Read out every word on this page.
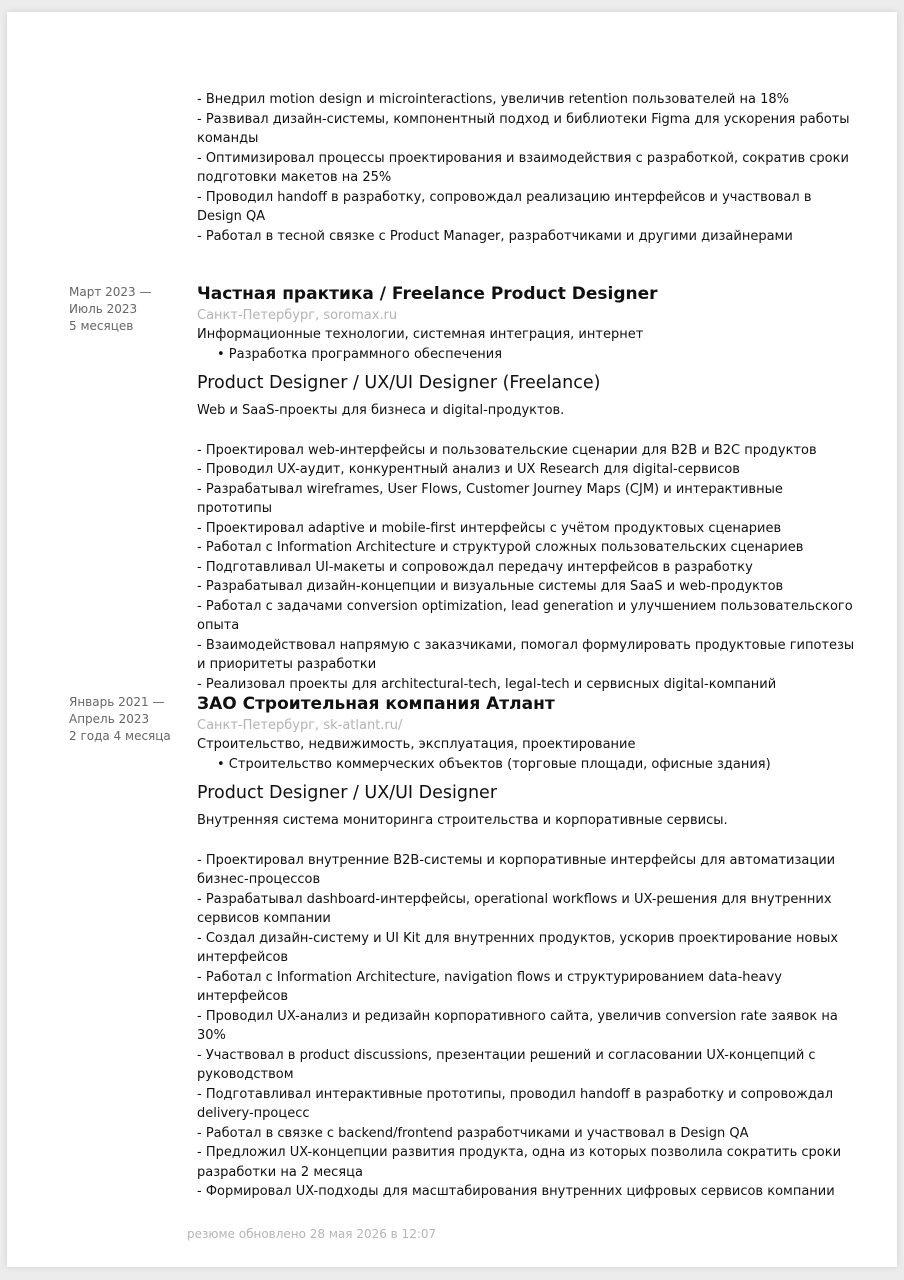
- Внедрил motion design и microinteractions, увеличив retention пользователей на 18%

- Развивал дизайн-системы, компонентный подход и библиотеки Figma для ускорения работы команды

- Оптимизировал процессы проектирования и взаимодействия с разработкой, сократив сроки подготовки макетов на 25%

- Проводил handoff в разработку, сопровождал реализацию интерфейсов и участвовал в Design QA

- Работал в тесной связке с Product Manager, разработчиками и другими дизайнерами

Март 2023 —
Июль 2023
5 месяцев
Частная практика / Freelance Product Designer

Санкт-Петербург, soromax.ru

Информационные технологии, системная интеграция, интернет

• Разработка программного обеспечения

Product Designer / UX/UI Designer (Freelance)

Web и SaaS-проекты для бизнеса и digital-продуктов.

- Проектировал web-интерфейсы и пользовательские сценарии для B2B и B2C продуктов

- Проводил UX-аудит, конкурентный анализ и UX Research для digital-сервисов

- Разрабатывал wireframes, User Flows, Customer Journey Maps (CJM) и интерактивные прототипы

- Проектировал adaptive и mobile-first интерфейсы с учётом продуктовых сценариев

- Работал с Information Architecture и структурой сложных пользовательских сценариев

- Подготавливал UI-макеты и сопровождал передачу интерфейсов в разработку

- Разрабатывал дизайн-концепции и визуальные системы для SaaS и web-продуктов

- Работал с задачами conversion optimization, lead generation и улучшением пользовательского опыта

- Взаимодействовал напрямую с заказчиками, помогал формулировать продуктовые гипотезы и приоритеты разработки

- Реализовал проекты для architectural-tech, legal-tech и сервисных digital-компаний

Январь 2021 —
Апрель 2023
2 года 4 месяца
ЗАО Строительная компания Атлант

Санкт-Петербург, sk-atlant.ru/

Строительство, недвижимость, эксплуатация, проектирование

• Строительство коммерческих объектов (торговые площади, офисные здания)

Product Designer / UX/UI Designer

Внутренняя система мониторинга строительства и корпоративные сервисы.

- Проектировал внутренние B2B-системы и корпоративные интерфейсы для автоматизации бизнес-процессов

- Разрабатывал dashboard-интерфейсы, operational workflows и UX-решения для внутренних сервисов компании

- Создал дизайн-систему и UI Kit для внутренних продуктов, ускорив проектирование новых интерфейсов

- Работал с Information Architecture, navigation flows и структурированием data-heavy интерфейсов

- Проводил UX-анализ и редизайн корпоративного сайта, увеличив conversion rate заявок на 30%

- Участвовал в product discussions, презентации решений и согласовании UX-концепций с руководством

- Подготавливал интерактивные прототипы, проводил handoff в разработку и сопровождал delivery-процесс

- Работал в связке с backend/frontend разработчиками и участвовал в Design QA

- Предложил UX-концепции развития продукта, одна из которых позволила сократить сроки разработки на 2 месяца

- Формировал UX-подходы для масштабирования внутренних цифровых сервисов компании

резюме обновлено 28 мая 2026 в 12:07
